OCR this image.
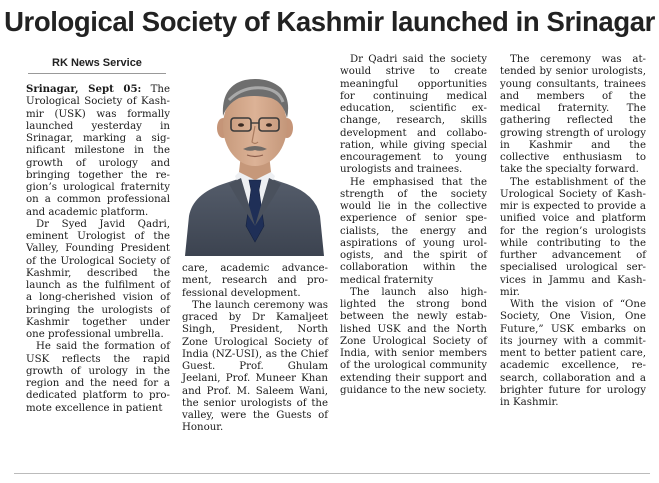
Urological Society of Kashmir launched in Srinagar
RK News Service

Srinagar, Sept 05: The Urological Society of Kashmir (USK) was formally launched yesterday in Srinagar, marking a significant milestone in the growth of urology and bringing together the region’s urological fraternity on a common professional and academic platform.

Dr Syed Javid Qadri, eminent Urologist of the Valley, Founding President of the Urological Society of Kashmir, described the launch as the fulfilment of a long-cherished vision of bringing the urologists of Kashmir together under one professional umbrella.

He said the formation of USK reflects the rapid growth of urology in the region and the need for a dedicated platform to promote excellence in patient

care, academic advancement, research and professional development.

The launch ceremony was graced by Dr Kamaljeet Singh, President, North Zone Urological Society of India (NZ-USI), as the Chief Guest. Prof. Ghulam Jeelani, Prof. Muneer Khan and Prof. M. Saleem Wani, the senior urologists of the valley, were the Guests of Honour.

Dr Qadri said the society would strive to create meaningful opportunities for continuing medical education, scientific exchange, research, skills development and collaboration, while giving special encouragement to young urologists and trainees.

He emphasised that the strength of the society would lie in the collective experience of senior specialists, the energy and aspirations of young urologists, and the spirit of collaboration within the medical fraternity

The launch also highlighted the strong bond between the newly established USK and the North Zone Urological Society of India, with senior members of the urological community extending their support and guidance to the new society.

The ceremony was attended by senior urologists, young consultants, trainees and members of the medical fraternity. The gathering reflected the growing strength of urology in Kashmir and the collective enthusiasm to take the specialty forward.

The establishment of the Urological Society of Kashmir is expected to provide a unified voice and platform for the region’s urologists while contributing to the further advancement of specialised urological services in Jammu and Kashmir.

With the vision of “One Society, One Vision, One Future,” USK embarks on its journey with a commitment to better patient care, academic excellence, research, collaboration and a brighter future for urology in Kashmir.
